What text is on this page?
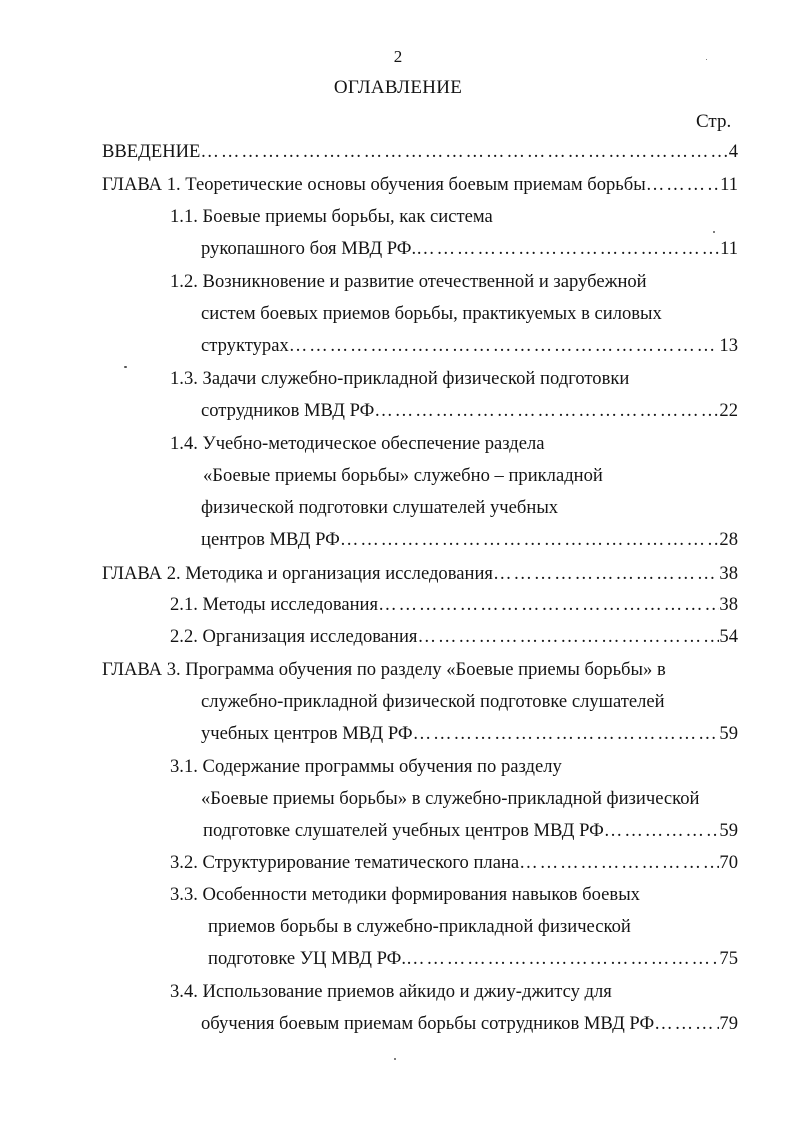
2
ОГЛАВЛЕНИЕ
Стр.
ВВЕДЕНИЕ …………………………………………………………………………………………………………………………	4
ГЛАВА 1. Теоретические основы обучения боевым приемам борьбы …………………………………………………………………………………………………………………………	11
1.1. Боевые приемы борьбы, как система
рукопашного боя МВД РФ. …………………………………………………………………………………………………………………………	11
1.2. Возникновение и развитие отечественной и зарубежной
систем боевых приемов борьбы, практикуемых в силовых
структурах …………………………………………………………………………………………………………………………	13
1.3. Задачи служебно-прикладной физической подготовки
сотрудников МВД РФ …………………………………………………………………………………………………………………………	22
1.4. Учебно-методическое обеспечение раздела
«Боевые приемы борьбы» служебно – прикладной
физической подготовки слушателей учебных
центров МВД РФ …………………………………………………………………………………………………………………………	28
ГЛАВА 2. Методика и организация исследования …………………………………………………………………………………………………………………………	38
2.1. Методы исследования …………………………………………………………………………………………………………………………	38
2.2. Организация исследования …………………………………………………………………………………………………………………………	54
ГЛАВА 3. Программа обучения по разделу «Боевые приемы борьбы» в
служебно-прикладной физической подготовке слушателей
учебных центров МВД РФ …………………………………………………………………………………………………………………………	59
3.1. Содержание программы обучения по разделу
«Боевые приемы борьбы» в служебно-прикладной физической
подготовке слушателей учебных центров МВД РФ …………………………………………………………………………………………………………………………	59
3.2. Структурирование тематического плана …………………………………………………………………………………………………………………………	70
3.3. Особенности методики формирования навыков боевых
приемов борьбы в служебно-прикладной физической
подготовке УЦ МВД РФ. …………………………………………………………………………………………………………………………	75
3.4. Использование приемов айкидо и джиу-джитсу для
обучения боевым приемам борьбы сотрудников МВД РФ …………………………………………………………………………………………………………………………	79
